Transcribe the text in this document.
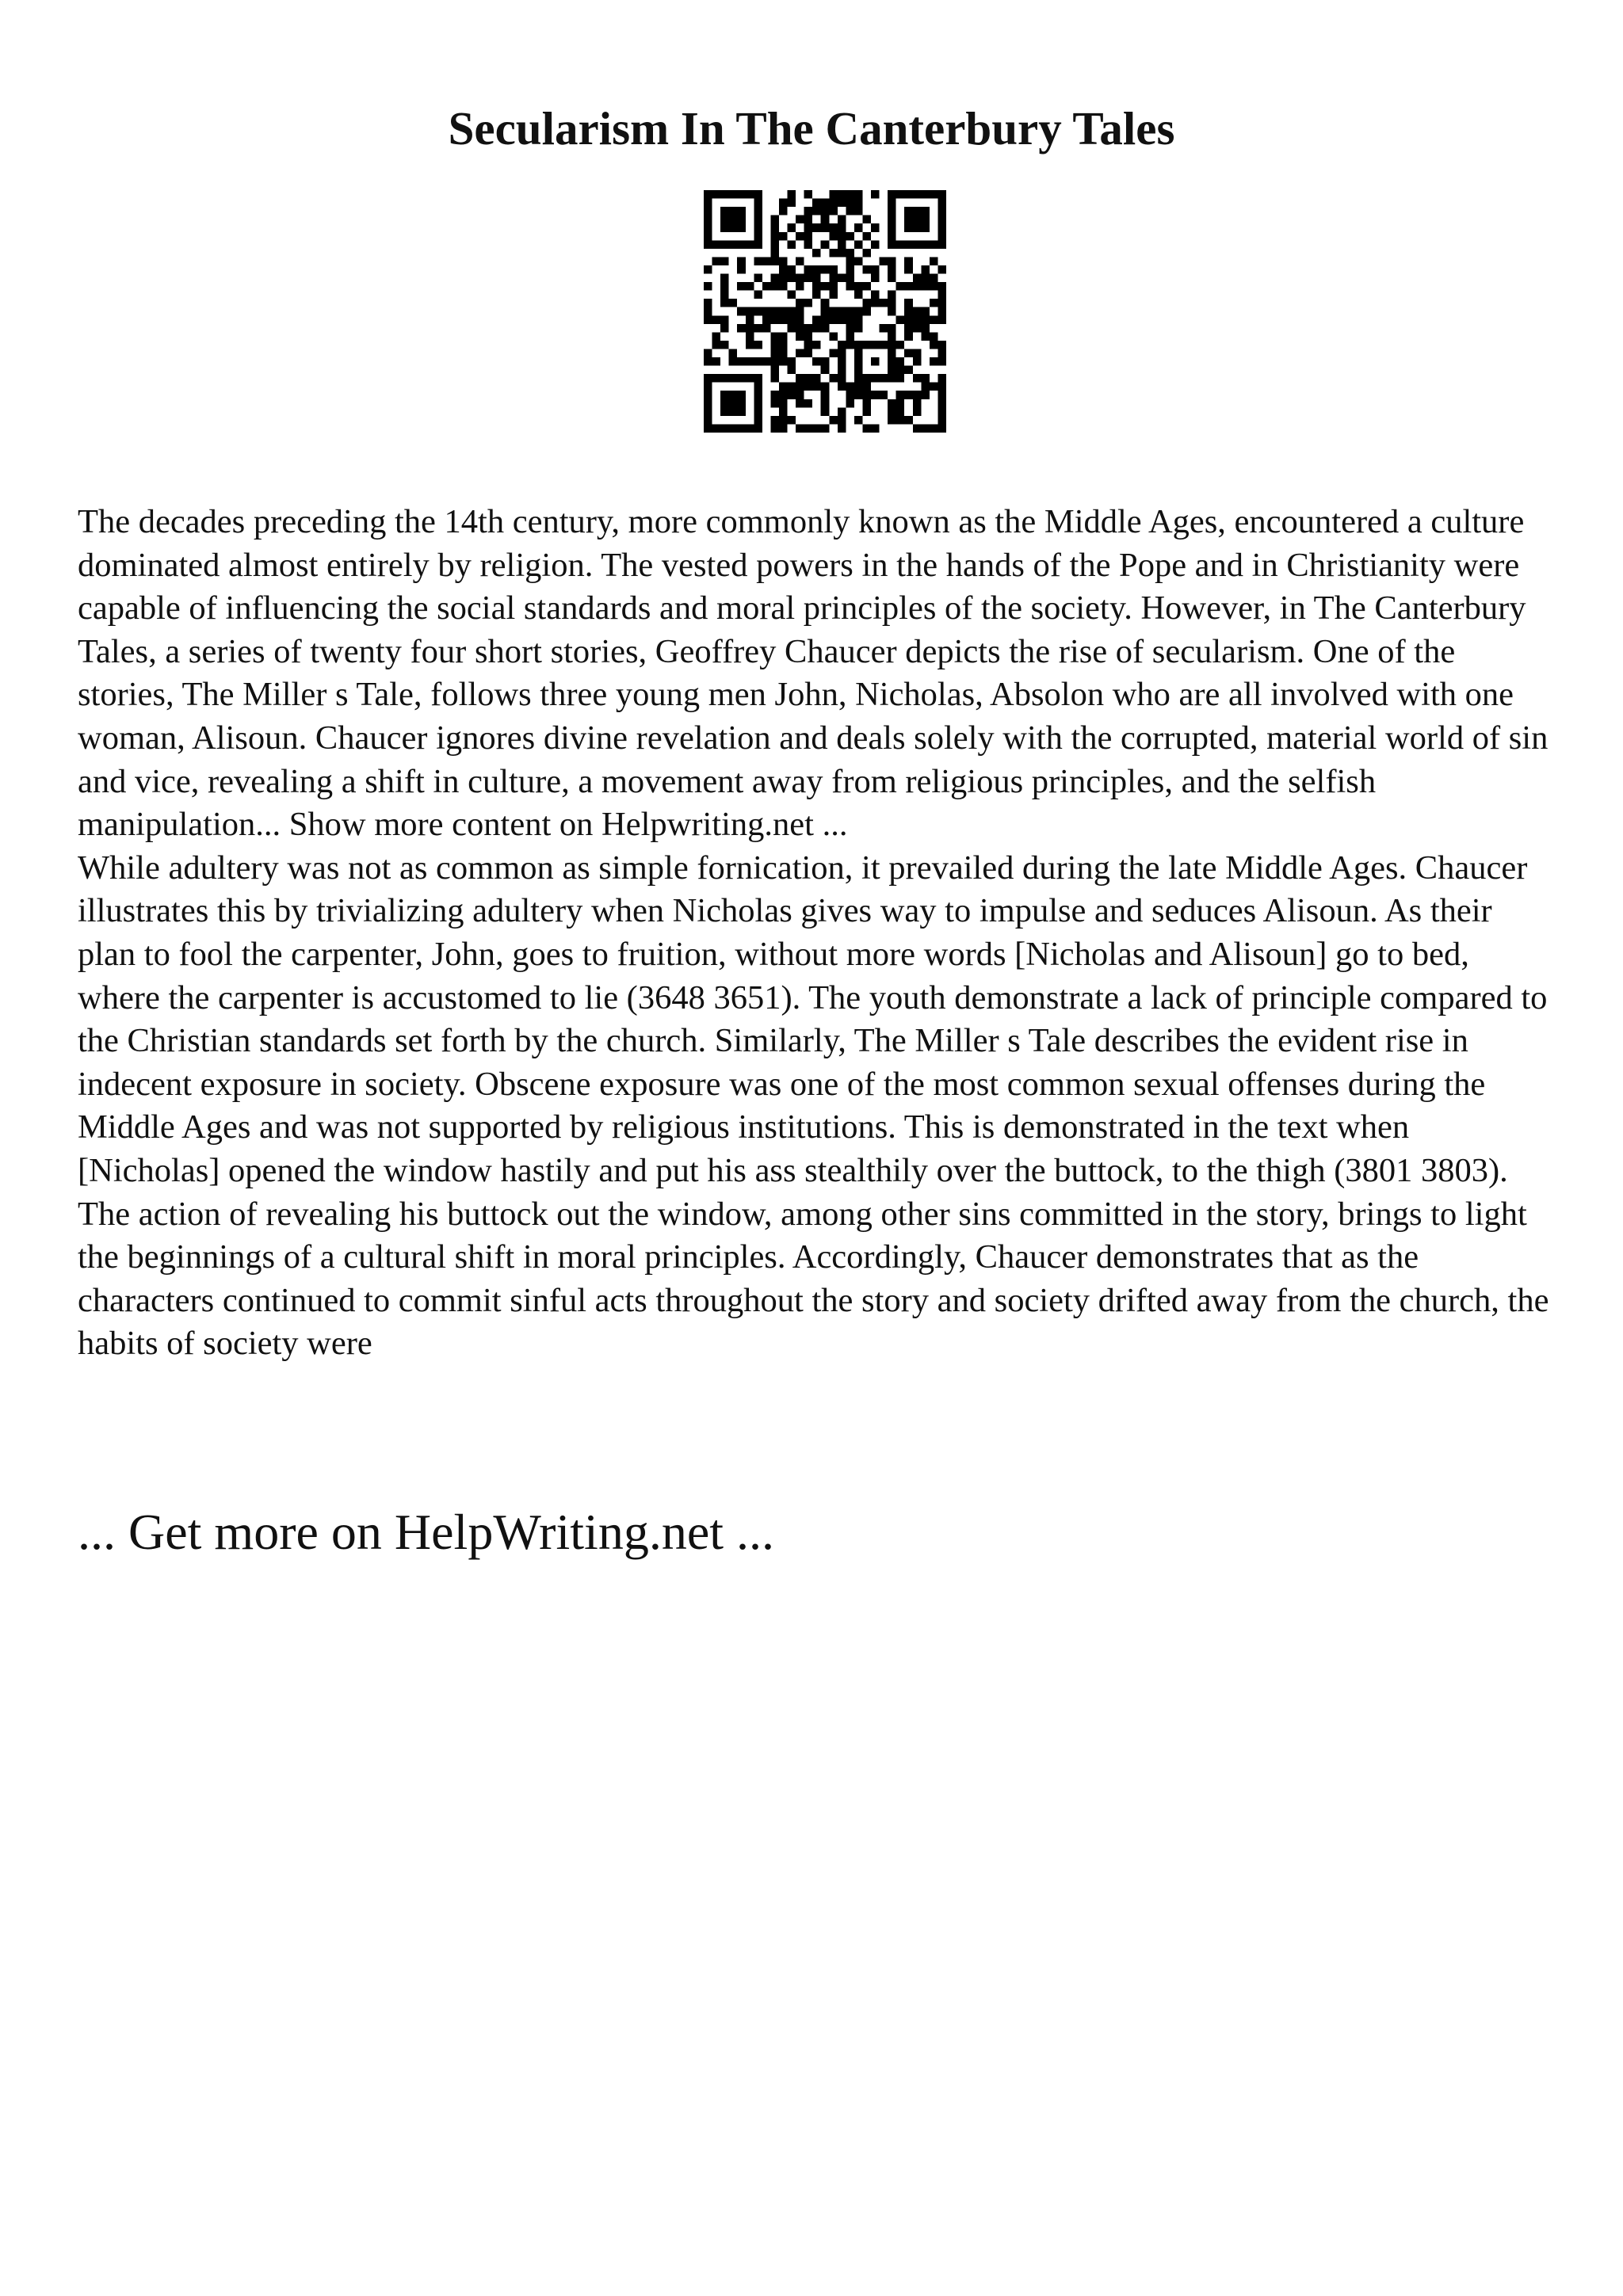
Secularism In The Canterbury Tales

The decades preceding the 14th century, more commonly known as the Middle Ages, encountered a culture dominated almost entirely by religion. The vested powers in the hands of the Pope and in Christianity were capable of influencing the social standards and moral principles of the society. However, in The Canterbury Tales, a series of twenty four short stories, Geoffrey Chaucer depicts the rise of secularism. One of the stories, The Miller s Tale, follows three young men John, Nicholas, Absolon who are all involved with one woman, Alisoun. Chaucer ignores divine revelation and deals solely with the corrupted, material world of sin and vice, revealing a shift in culture, a movement away from religious principles, and the selfish manipulation... Show more content on Helpwriting.net ...

While adultery was not as common as simple fornication, it prevailed during the late Middle Ages. Chaucer illustrates this by trivializing adultery when Nicholas gives way to impulse and seduces Alisoun. As their plan to fool the carpenter, John, goes to fruition, without more words [Nicholas and Alisoun] go to bed, where the carpenter is accustomed to lie (3648 3651). The youth demonstrate a lack of principle compared to the Christian standards set forth by the church. Similarly, The Miller s Tale describes the evident rise in indecent exposure in society. Obscene exposure was one of the most common sexual offenses during the Middle Ages and was not supported by religious institutions. This is demonstrated in the text when [Nicholas] opened the window hastily and put his ass stealthily over the buttock, to the thigh (3801 3803). The action of revealing his buttock out the window, among other sins committed in the story, brings to light the beginnings of a cultural shift in moral principles. Accordingly, Chaucer demonstrates that as the characters continued to commit sinful acts throughout the story and society drifted away from the church, the habits of society were

... Get more on HelpWriting.net ...
